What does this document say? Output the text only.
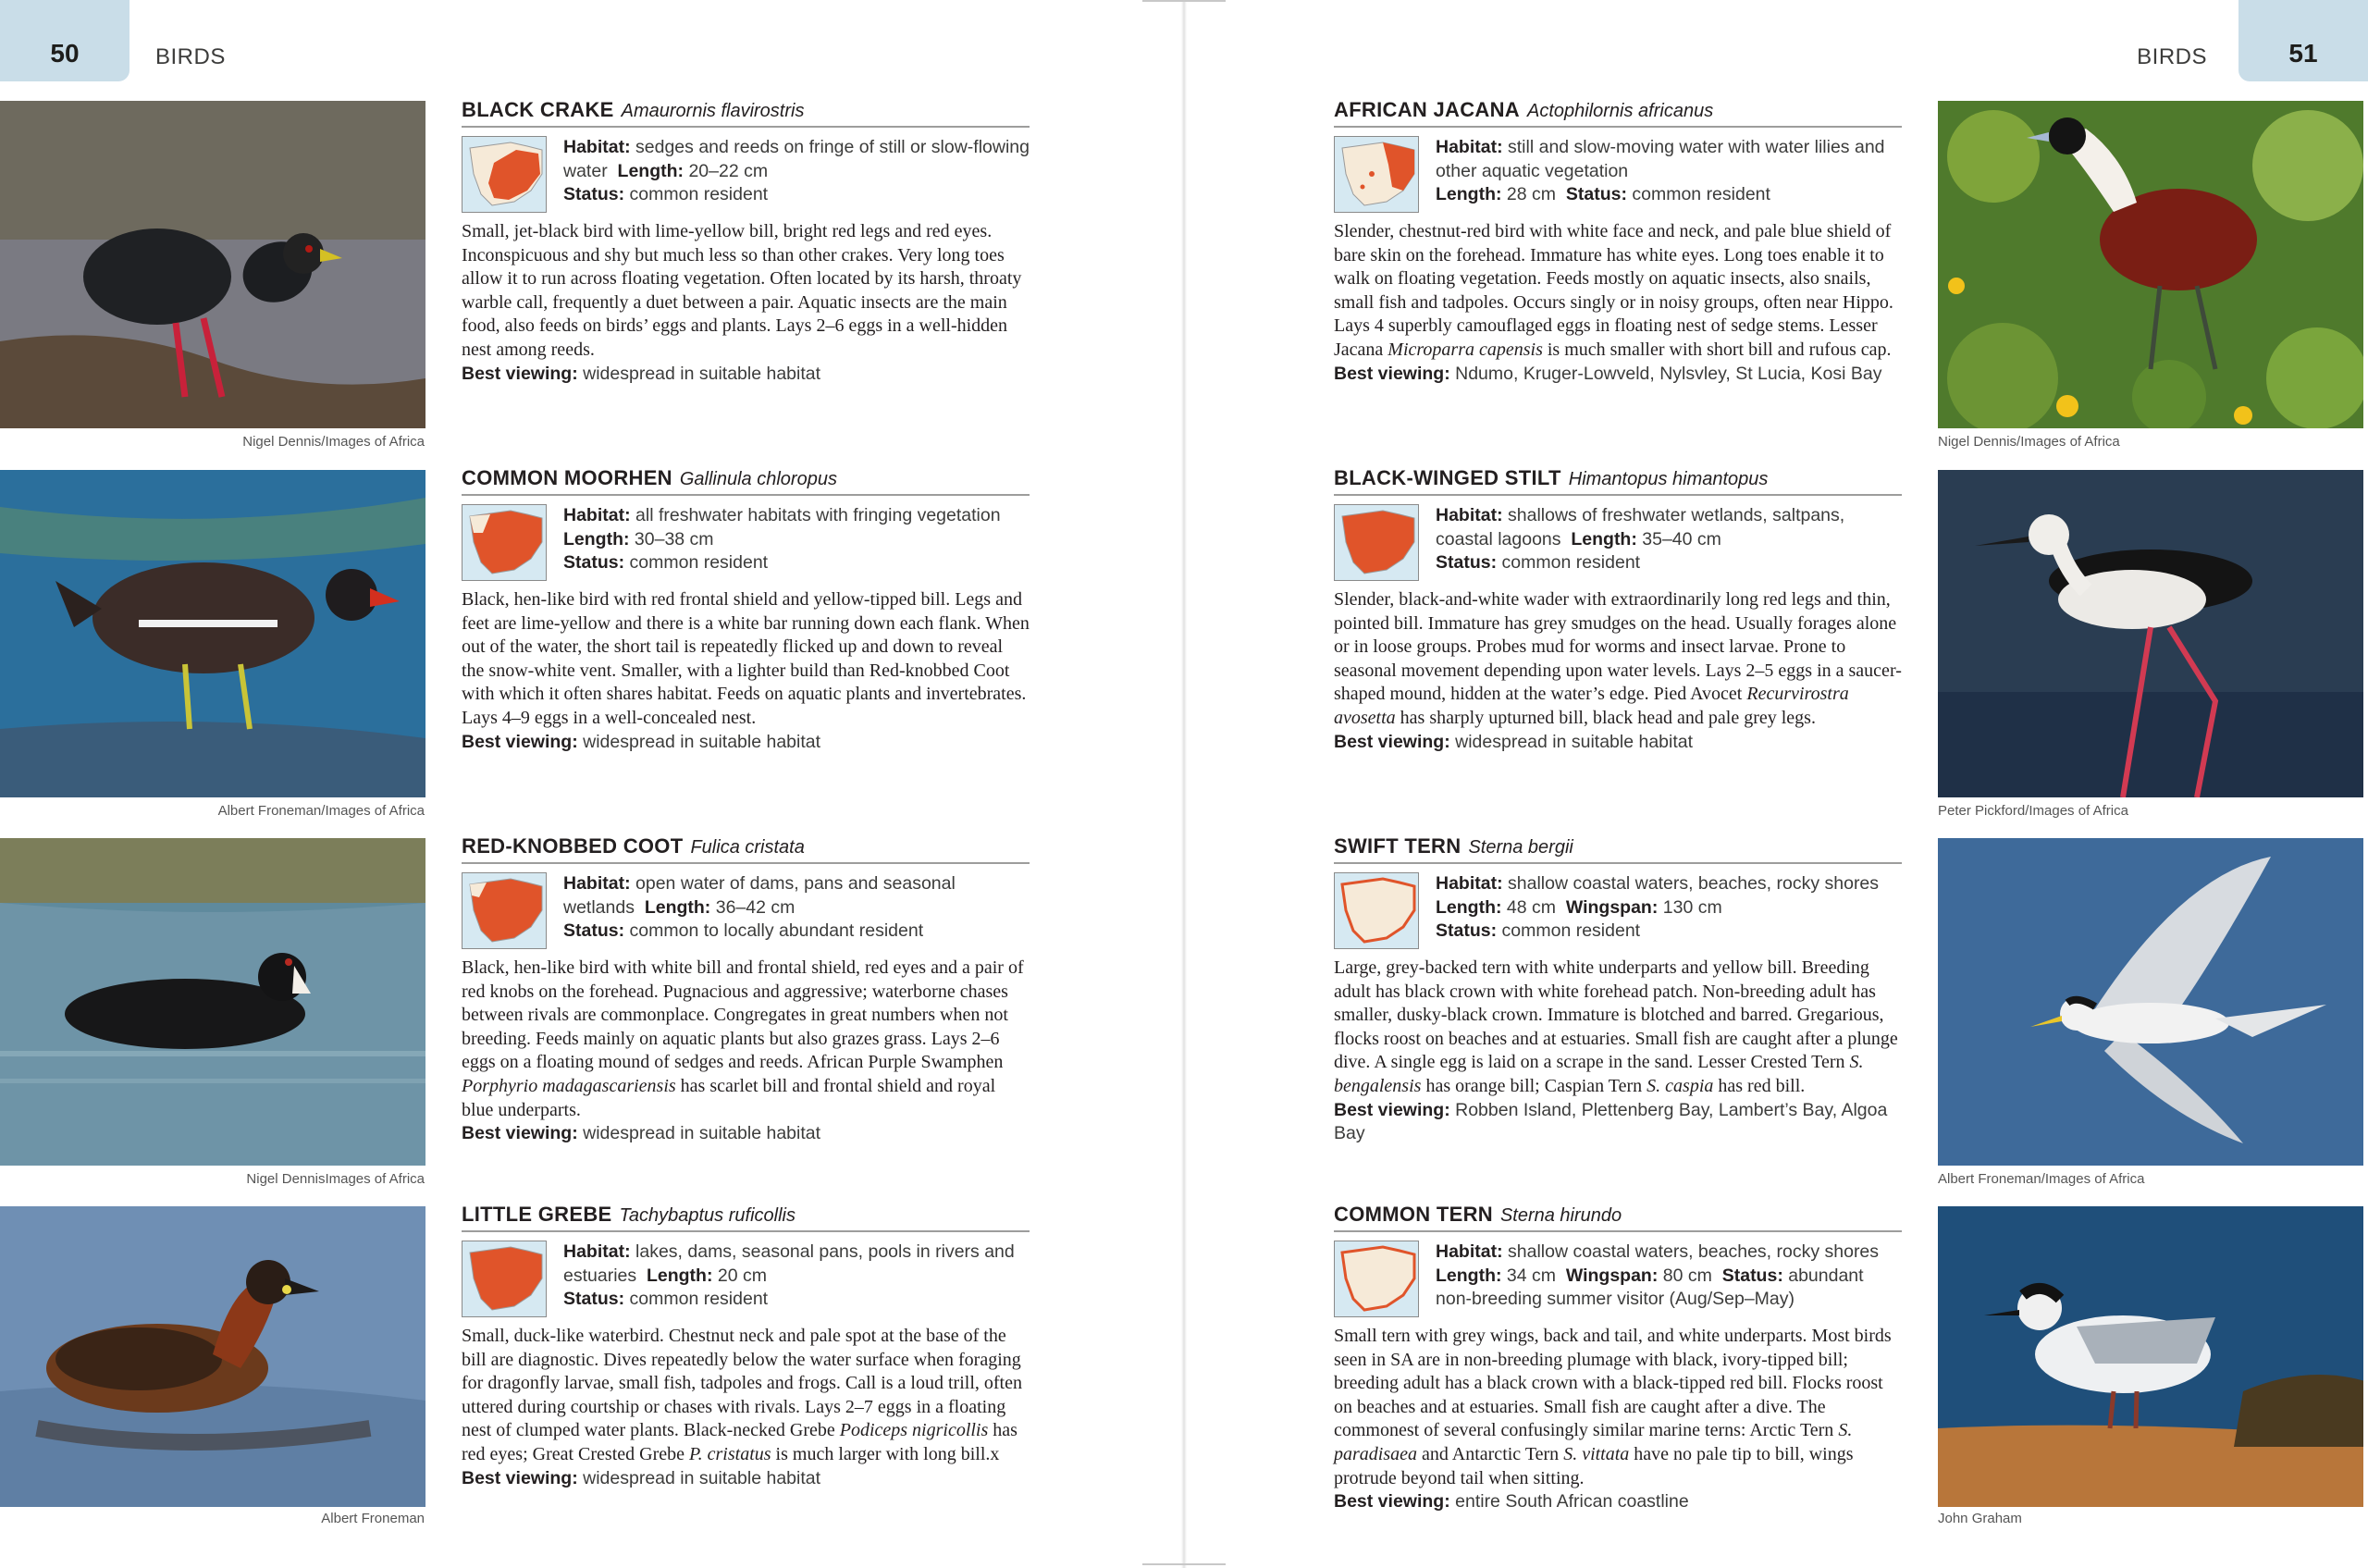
50	BIRDS
Nigel Dennis/Images of Africa
Albert Froneman/Images of Africa
Nigel DennisImages of Africa
Albert Froneman
BLACK CRAKE Amaurornis flavirostris
Habitat: sedges and reeds on fringe of still or slow-flowing water Length: 20–22 cm
Status: common resident
Small, jet-black bird with lime-yellow bill, bright red legs and red eyes. Inconspicuous and shy but much less so than other crakes. Very long toes allow it to run across floating vegetation. Often located by its harsh, throaty warble call, frequently a duet between a pair. Aquatic insects are the main food, also feeds on birds’ eggs and plants. Lays 2–6 eggs in a well-hidden nest among reeds.
Best viewing: widespread in suitable habitat
COMMON MOORHEN Gallinula chloropus
Habitat: all freshwater habitats with fringing vegetation  Length: 30–38 cm
Status: common resident
Black, hen-like bird with red frontal shield and yellow-tipped bill. Legs and feet are lime-yellow and there is a white bar running down each flank. When out of the water, the short tail is repeatedly flicked up and down to reveal the snow-white vent. Smaller, with a lighter build than Red-knobbed Coot with which it often shares habitat. Feeds on aquatic plants and invertebrates. Lays 4–9 eggs in a well-concealed nest.
Best viewing: widespread in suitable habitat
RED-KNOBBED COOT Fulica cristata
Habitat: open water of dams, pans and seasonal wetlands Length: 36–42 cm
Status: common to locally abundant resident
Black, hen-like bird with white bill and frontal shield, red eyes and a pair of red knobs on the forehead. Pugnacious and aggressive; waterborne chases between rivals are commonplace. Congregates in great numbers when not breeding. Feeds mainly on aquatic plants but also grazes grass. Lays 2–6 eggs on a floating mound of sedges and reeds. African Purple Swamphen Porphyrio madagascariensis has scarlet bill and frontal shield and royal blue underparts.
Best viewing: widespread in suitable habitat
LITTLE GREBE Tachybaptus ruficollis
Habitat: lakes, dams, seasonal pans, pools in rivers and estuaries Length: 20 cm
Status: common resident
Small, duck-like waterbird. Chestnut neck and pale spot at the base of the bill are diagnostic. Dives repeatedly below the water surface when foraging for dragonfly larvae, small fish, tadpoles and frogs. Call is a loud trill, often uttered during courtship or chases with rivals. Lays 2–7 eggs in a floating nest of clumped water plants. Black-necked Grebe Podiceps nigricollis has red eyes; Great Crested Grebe P. cristatus is much larger with long bill.x
Best viewing: widespread in suitable habitat
51
BIRDS
Nigel Dennis/Images of Africa
Peter Pickford/Images of Africa
Albert Froneman/Images of Africa
John Graham
AFRICAN JACANA Actophilornis africanus
Habitat: still and slow-moving water with water lilies and other aquatic vegetation
Length: 28 cm Status: common resident
Slender, chestnut-red bird with white face and neck, and pale blue shield of bare skin on the forehead. Immature has white eyes. Long toes enable it to walk on floating vegetation. Feeds mostly on aquatic insects, also snails, small fish and tadpoles. Occurs singly or in noisy groups, often near Hippo. Lays 4 superbly camouflaged eggs in floating nest of sedge stems. Lesser Jacana Microparra capensis is much smaller with short bill and rufous cap.
Best viewing: Ndumo, Kruger-Lowveld, Nylsvley, St Lucia, Kosi Bay
BLACK-WINGED STILT Himantopus himantopus
Habitat: shallows of freshwater wetlands, saltpans, coastal lagoons Length: 35–40 cm
Status: common resident
Slender, black-and-white wader with extraordinarily long red legs and thin, pointed bill. Immature has grey smudges on the head. Usually forages alone or in loose groups. Probes mud for worms and insect larvae. Prone to seasonal movement depending upon water levels. Lays 2–5 eggs in a saucer-shaped mound, hidden at the water’s edge. Pied Avocet Recurvirostra avosetta has sharply upturned bill, black head and pale grey legs.
Best viewing: widespread in suitable habitat
SWIFT TERN Sterna bergii
Habitat: shallow coastal waters, beaches, rocky shores
Length: 48 cm Wingspan: 130 cm
Status: common resident
Large, grey-backed tern with white underparts and yellow bill. Breeding adult has black crown with white forehead patch. Non-breeding adult has smaller, dusky-black crown. Immature is blotched and barred. Gregarious, flocks roost on beaches and at estuaries. Small fish are caught after a plunge dive. A single egg is laid on a scrape in the sand. Lesser Crested Tern S. bengalensis has orange bill; Caspian Tern S. caspia has red bill.
Best viewing: Robben Island, Plettenberg Bay, Lambert’s Bay, Algoa Bay
COMMON TERN Sterna hirundo
Habitat: shallow coastal waters, beaches, rocky shores
Length: 34 cm Wingspan: 80 cm Status: abundant non-breeding summer visitor (Aug/Sep–May)
Small tern with grey wings, back and tail, and white underparts. Most birds seen in SA are in non-breeding plumage with black, ivory-tipped bill; breeding adult has a black crown with a black-tipped red bill. Flocks roost on beaches and at estuaries. Small fish are caught after a dive. The commonest of several confusingly similar marine terns: Arctic Tern S. paradisaea and Antarctic Tern S. vittata have no pale tip to bill, wings protrude beyond tail when sitting.
Best viewing: entire South African coastline
